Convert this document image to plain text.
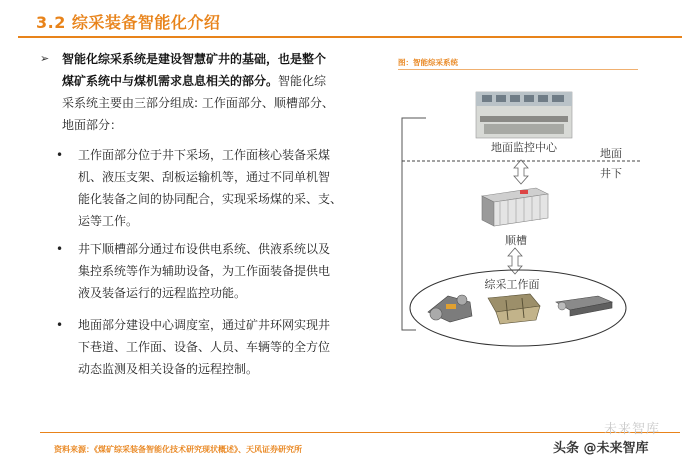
3.2 综采装备智能化介绍
➢ 智能化综采系统是建设智慧矿井的基础，也是整个
煤矿系统中与煤机需求息息相关的部分。智能化综
采系统主要由三部分组成: 工作面部分、顺槽部分、
地面部分：
• 工作面部分位于井下采场，工作面核心装备采煤
机、液压支架、刮板运输机等，通过不同单机智
能化装备之间的协同配合，实现采场煤的采、支、
运等工作。
• 井下顺槽部分通过布设供电系统、供液系统以及
集控系统等作为辅助设备，为工作面装备提供电
液及装备运行的远程监控功能。
• 地面部分建设中心调度室，通过矿井环网实现井
下巷道、工作面、设备、人员、车辆等的全方位
动态监测及相关设备的远程控制。
图：智能综采系统
地面监控中心	地面
井下
顺槽
综采工作面
资料来源：《煤矿综采装备智能化技术研究现状概述》、天风证券研究所
未来智库
头条 @未来智库
